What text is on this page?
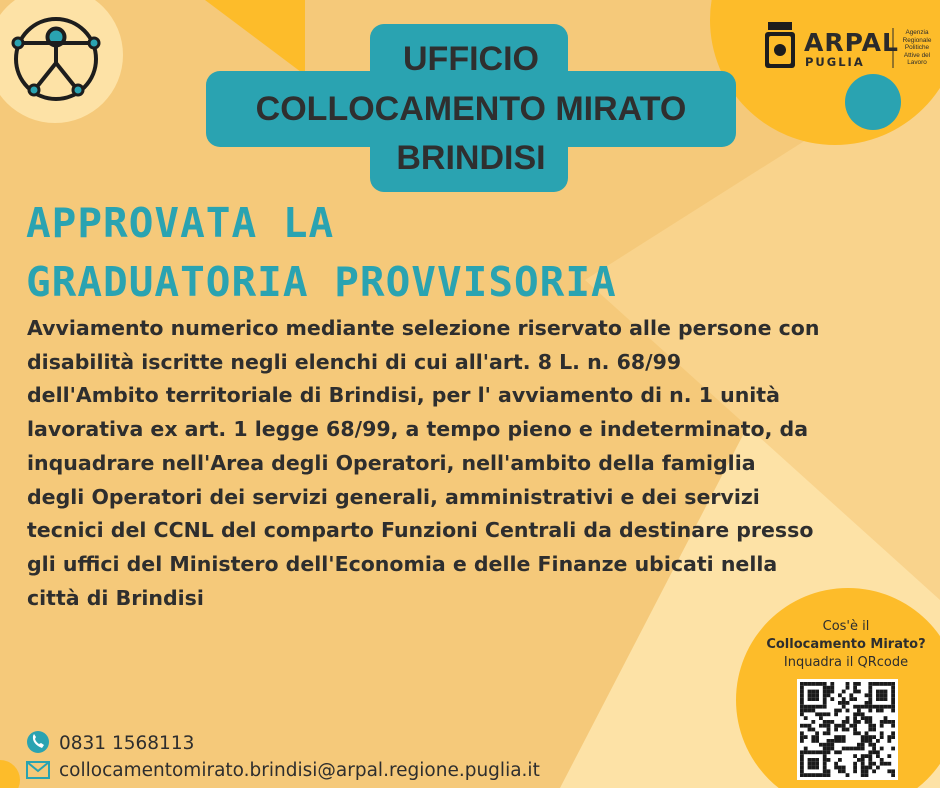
UFFICIO
COLLOCAMENTO MIRATO
BRINDISI
ARPAL
PUGLIA
Agenzia
Regionale
Politiche
Attive del
Lavoro
APPROVATA LA
GRADUATORIA PROVVISORIA
Avviamento numerico mediante selezione riservato alle persone con
disabilità iscritte negli elenchi di cui all'art. 8 L. n. 68/99
dell'Ambito territoriale di Brindisi, per l' avviamento di n. 1 unità
lavorativa ex art. 1 legge 68/99, a tempo pieno e indeterminato, da
inquadrare nell'Area degli Operatori, nell'ambito della famiglia
degli Operatori dei servizi generali, amministrativi e dei servizi
tecnici del CCNL del comparto Funzioni Centrali da destinare presso
gli uffici del Ministero dell'Economia e delle Finanze ubicati nella
città di Brindisi
Cos'è il
Collocamento Mirato?
Inquadra il QRcode
0831 1568113
collocamentomirato.brindisi@arpal.regione.puglia.it
